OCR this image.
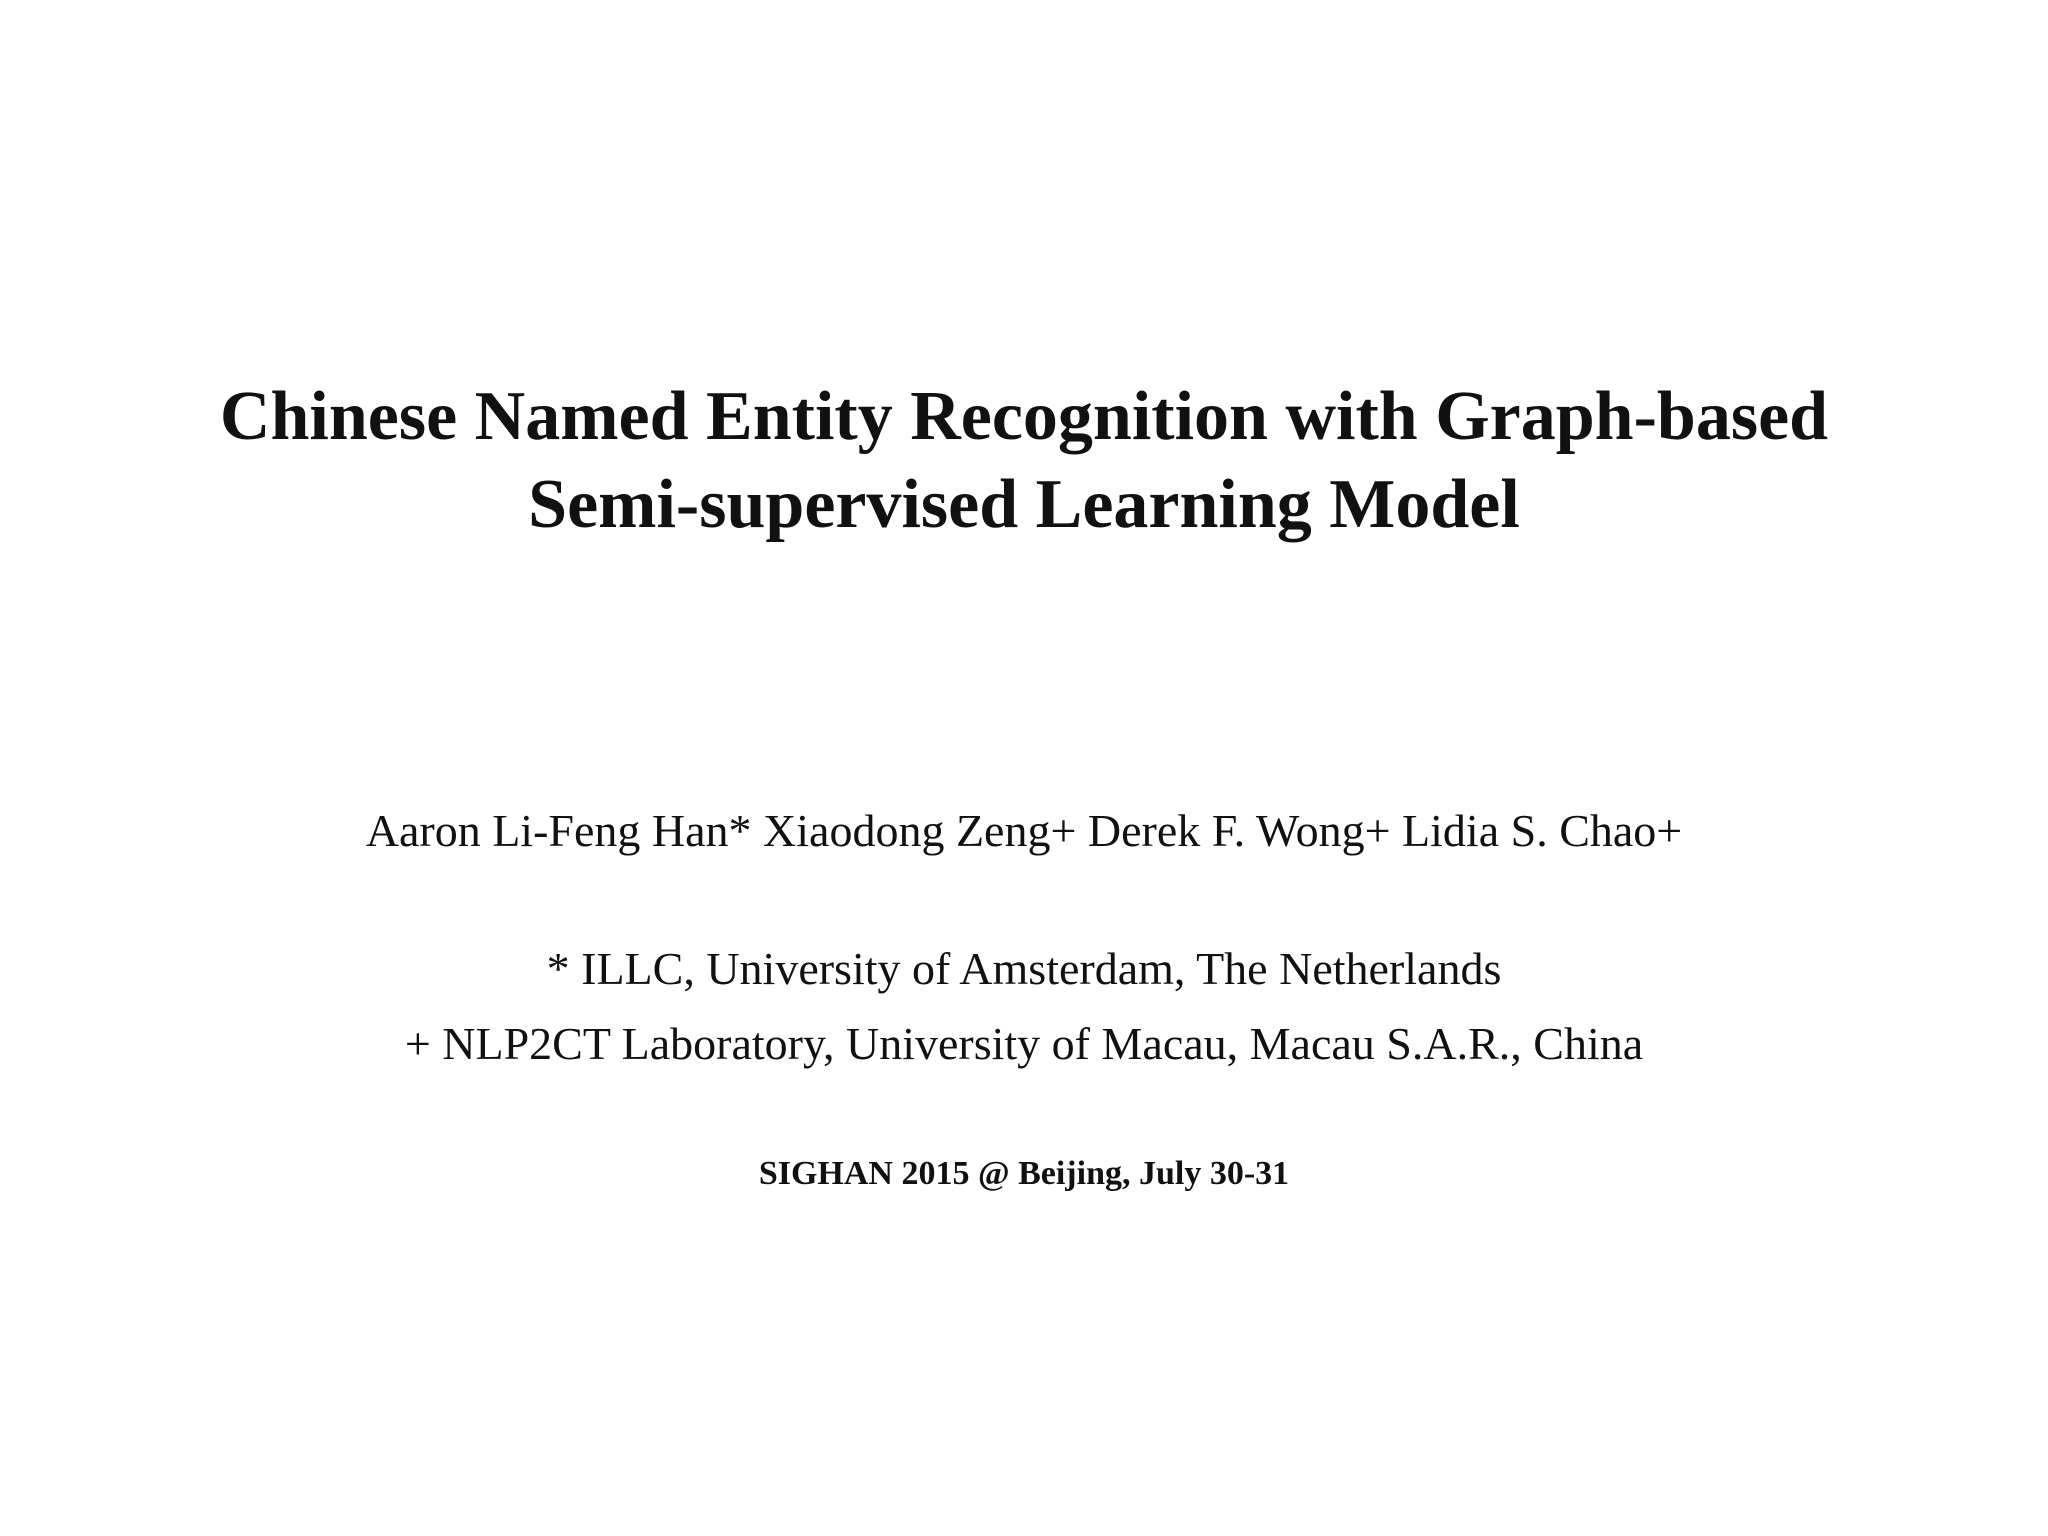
Chinese Named Entity Recognition with Graph-based
Semi-supervised Learning Model

Aaron Li-Feng Han* Xiaodong Zeng+ Derek F. Wong+ Lidia S. Chao+

* ILLC, University of Amsterdam, The Netherlands

+ NLP2CT Laboratory, University of Macau, Macau S.A.R., China

SIGHAN 2015 @ Beijing, July 30-31
